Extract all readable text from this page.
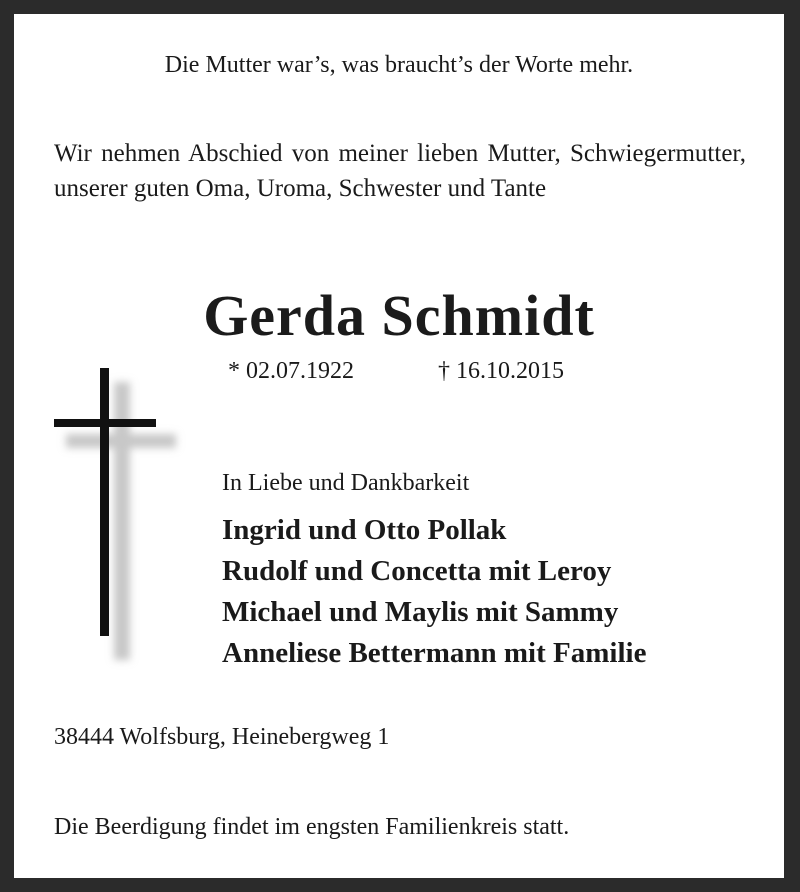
Die Mutter war’s, was braucht’s der Worte mehr.
Wir nehmen Abschied von meiner lieben Mutter, Schwiegermutter, unserer guten Oma, Uroma, Schwester und Tante
Gerda Schmidt
* 02.07.1922	† 16.10.2015
In Liebe und Dankbarkeit
Ingrid und Otto Pollak
Rudolf und Concetta mit Leroy
Michael und Maylis mit Sammy
Anneliese Bettermann mit Familie
38444 Wolfsburg, Heinebergweg 1
Die Beerdigung findet im engsten Familienkreis statt.
